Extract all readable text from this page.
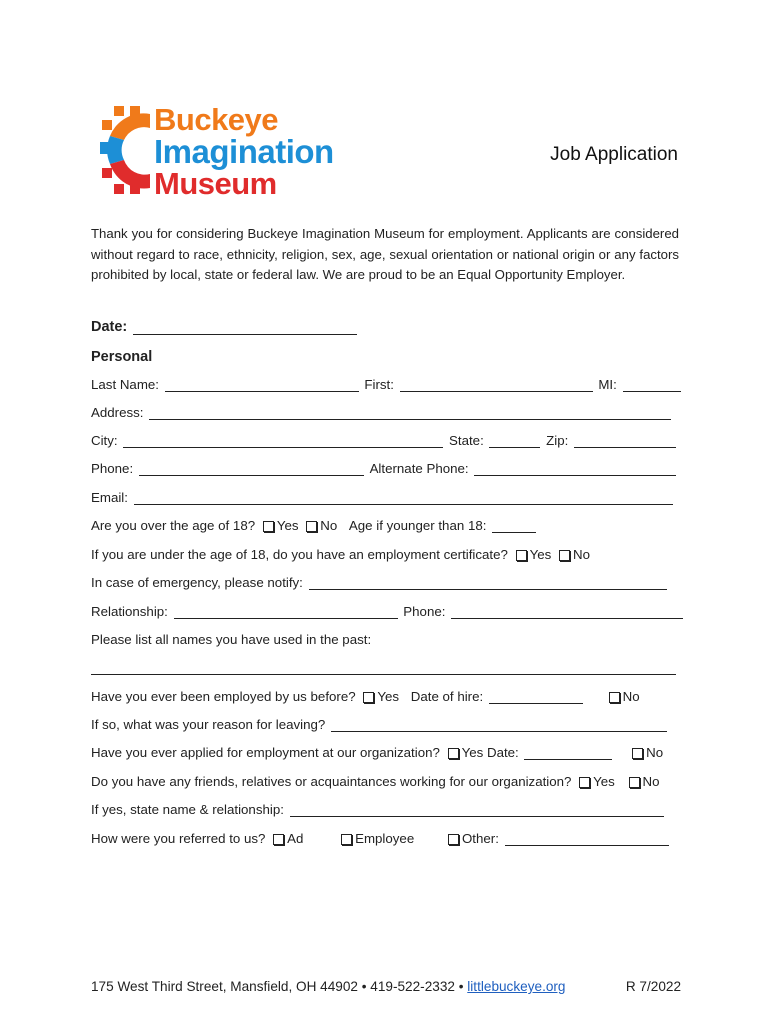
Buckeye
Imagination
Museum
Job Application
Thank you for considering Buckeye Imagination Museum for employment. Applicants are considered without regard to race, ethnicity, religion, sex, age, sexual orientation or national origin or any factors prohibited by local, state or federal law. We are proud to be an Equal Opportunity Employer.
Date:
Personal
Last Name:	First:	MI:
Address:
City:	State:	Zip:
Phone:	Alternate Phone:
Email:
Are you over the age of 18? Yes No Age if younger than 18:
If you are under the age of 18, do you have an employment certificate? Yes No
In case of emergency, please notify:
Relationship:	Phone:
Please list all names you have used in the past:
Have you ever been employed by us before? Yes Date of hire:	No
If so, what was your reason for leaving?
Have you ever applied for employment at our organization? Yes Date:	No
Do you have any friends, relatives or acquaintances working for our organization? Yes No
If yes, state name & relationship:
How were you referred to us? Ad	Employee	Other:
175 West Third Street, Mansfield, OH 44902 • 419-522-2332 • littlebuckeye.org	R 7/2022
